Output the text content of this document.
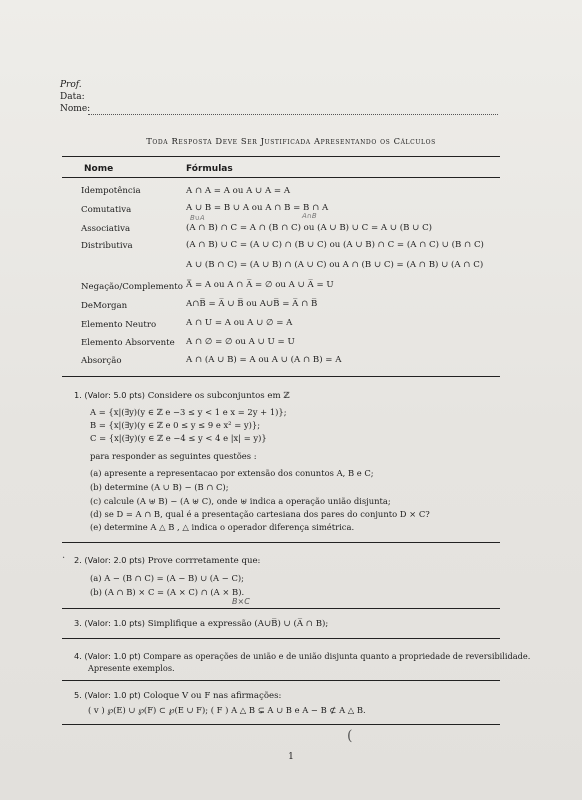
Prof.
Data:
Nome:
Toda Resposta Deve Ser Justificada Apresentando os Cálculos
Nome	Fórmulas
Idempotência	A ∩ A = A ou A ∪ A = A
Comutativa	A ∪ B = B ∪ A ou A ∩ B = B ∩ A
B∪A	A∩B
Associativa	(A ∩ B) ∩ C = A ∩ (B ∩ C) ou (A ∪ B) ∪ C = A ∪ (B ∪ C)
Distributiva	(A ∩ B) ∪ C = (A ∪ C) ∩ (B ∪ C) ou (A ∪ B) ∩ C = (A ∩ C) ∪ (B ∩ C)
A ∪ (B ∩ C) = (A ∪ B) ∩ (A ∪ C) ou A ∩ (B ∪ C) = (A ∩ B) ∪ (A ∩ C)
Negação/Complemento A̿ = A ou A ∩ A̅ = ∅ ou A ∪ A̅ = U
DeMorgan	A∩B̅ = A̅ ∪ B̅ ou A∪B̅ = A̅ ∩ B̅
Elemento Neutro	A ∩ U = A ou A ∪ ∅ = A
Elemento Absorvente A ∩ ∅ = ∅ ou A ∪ U = U
Absorção	A ∩ (A ∪ B) = A ou A ∪ (A ∩ B) = A
1. (Valor: 5.0 pts) Considere os subconjuntos em ℤ
A = {x|(∃y)(y ∈ ℤ e −3 ≤ y < 1 e x = 2y + 1)};
B = {x|(∃y)(y ∈ ℤ e 0 ≤ y ≤ 9 e x² = y)};
C = {x|(∃y)(y ∈ ℤ e −4 ≤ y < 4 e |x| = y)}
para responder as seguintes questões :
(a) apresente a representacao por extensão dos conuntos A, B e C;
(b) determine (A ∪ B) − (B ∩ C);
(c) calcule (A ⊎ B) − (A ⊎ C), onde ⊎ indica a operação união disjunta;
(d) se D = A ∩ B, qual é a presentação cartesiana dos pares do conjunto D × C?
(e) determine A △ B , △ indica o operador diferença simétrica.
· 2. (Valor: 2.0 pts) Prove corrretamente que:
(a) A − (B ∩ C) = (A − B) ∪ (A − C);
(b) (A ∩ B) × C = (A × C) ∩ (A × B).
B×C
3. (Valor: 1.0 pts) Simplifique a expressão (A∪B̅) ∪ (A̅ ∩ B);
4. (Valor: 1.0 pt) Compare as operações de união e de união disjunta quanto a propriedade de reversibilidade.
Apresente exemplos.
5. (Valor: 1.0 pt) Coloque V ou F nas afirmações:
( v ) ℘(E) ∪ ℘(F) ⊂ ℘(E ∪ F); ( F ) A △ B ⊊ A ∪ B e A − B ⊄ A △ B.
(
1
